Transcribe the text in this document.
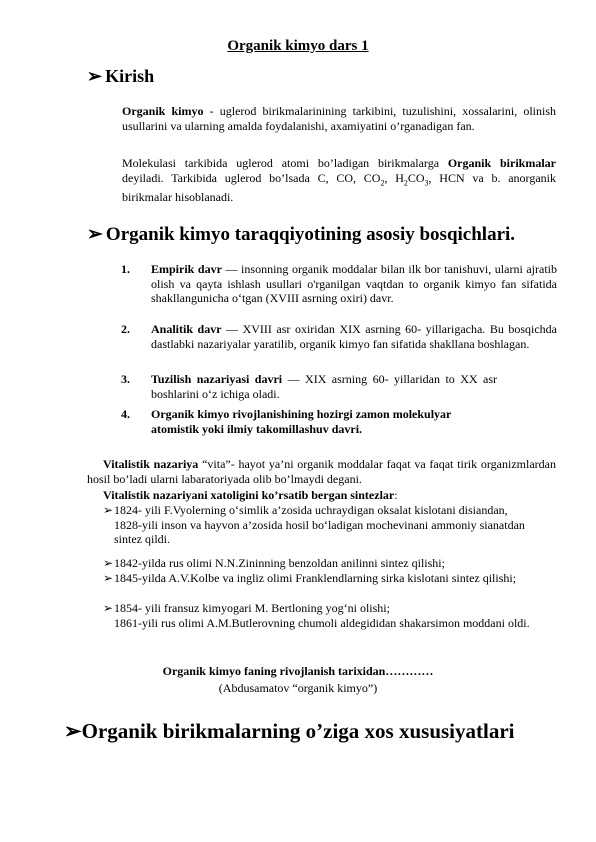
Organik kimyo dars 1
➢ Kirish
Organik kimyo - uglerod birikmalarinining tarkibini, tuzulishini, xossalarini, olinish usullarini va ularning amalda foydalanishi, axamiyatini o’rganadigan fan.
Molekulasi tarkibida uglerod atomi bo’ladigan birikmalarga Organik birikmalar deyiladi. Tarkibida uglerod bo’lsada C, CO, $CO_2$, $H_2CO_3$, HCN va b. anorganik birikmalar hisoblanadi.
➢ Organik kimyo taraqqiyotining asosiy bosqichlari.
1. Empirik davr — insonning organik moddalar bilan ilk bor tanishuvi, ularni ajratib olish va qayta ishlash usullari o'rganilgan vaqtdan to organik kimyo fan sifatida shakllangunicha o‘tgan (XVIII asrning oxiri) davr.
2. Analitik davr — XVIII asr oxiridan XIX asrning 60- yillarigacha. Bu bosqichda dastlabki nazariyalar yaratilib, organik kimyo fan sifatida shakllana boshlagan.
3. Tuzilish nazariyasi davri — XIX asrning 60- yillaridan to XX asr boshlarini o‘z ichiga oladi.
4. Organik kimyo rivojlanishining hozirgi zamon molekulyar atomistik yoki ilmiy takomillashuv davri.
Vitalistik nazariya “vita”- hayot ya’ni organik moddalar faqat va faqat tirik organizmlardan hosil bo’ladi ularni labaratoriyada olib bo’lmaydi degani.
Vitalistik nazariyani xatoligini ko’rsatib bergan sintezlar:
➢ 1824- yili F.Vyolerning o‘simlik a’zosida uchraydigan oksalat kislotani disiandan, 1828-yili inson va hayvon a’zosida hosil bo‘ladigan mochevinani ammoniy sianatdan sintez qildi.
➢ 1842-yilda rus olimi N.N.Zininning benzoldan anilinni sintez qilishi;
➢ 1845-yilda A.V.Kolbe va ingliz olimi Franklendlarning sirka kislotani sintez qilishi;
➢ 1854- yili fransuz kimyogari M. Bertloning yog‘ni olishi;
1861-yili rus olimi A.M.Butlerovning chumoli aldegididan shakarsimon moddani oldi.
Organik kimyo faning rivojlanish tarixidan…………
(Abdusamatov “organik kimyo”)
➢Organik birikmalarning o’ziga xos xususiyatlari
